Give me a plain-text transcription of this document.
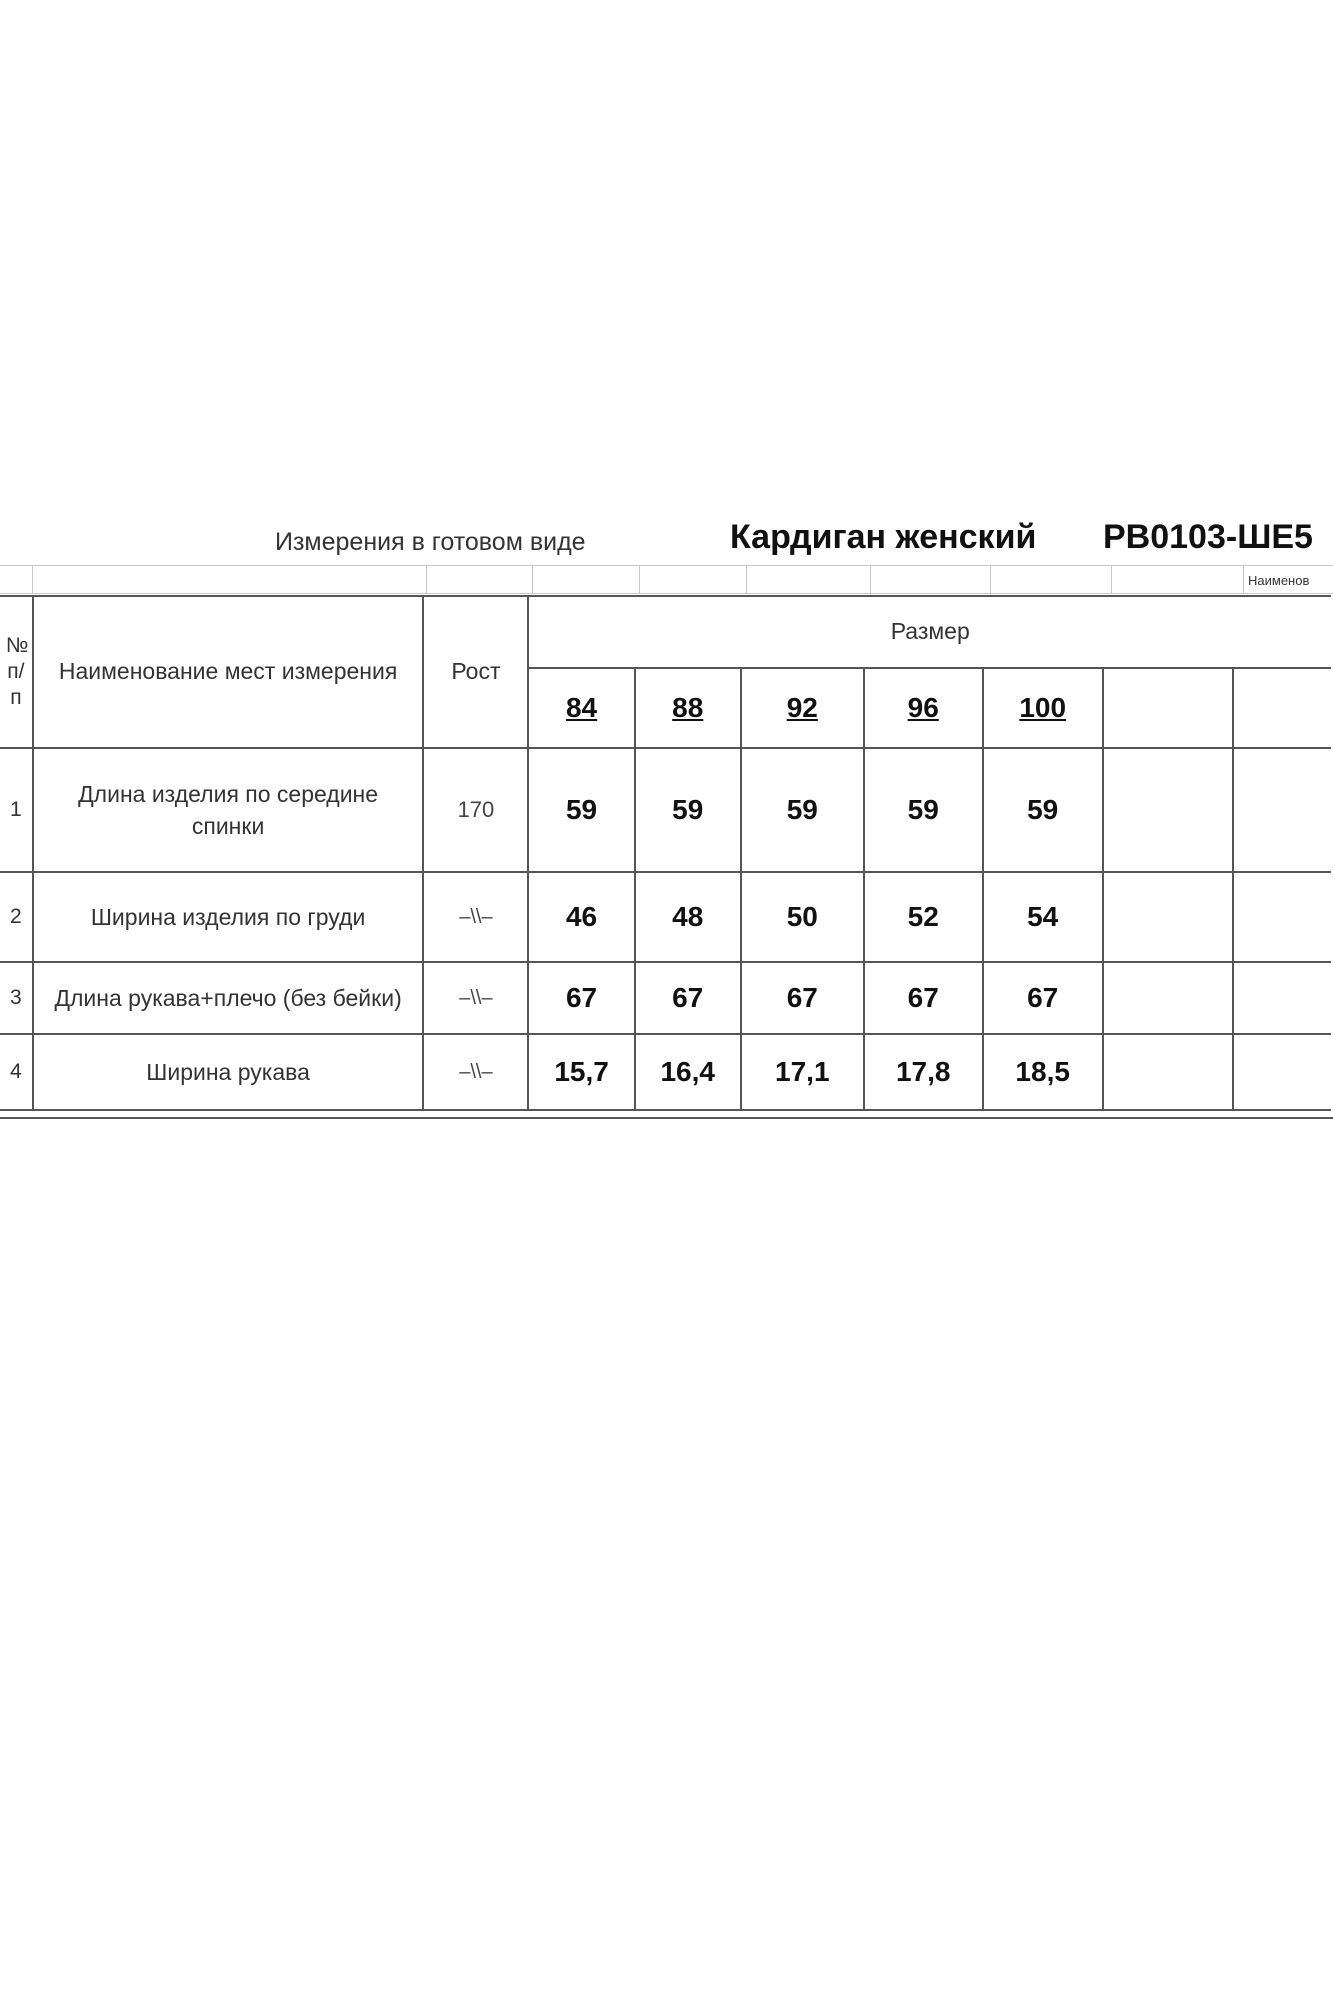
Измерения в готовом виде	Кардиган женский РВ0103-ШЕ5
Наименов
№ п/ п	Наименование мест измерения	Рост	Размер						
			84	88	92	96	100		
1	Длина изделия по середине спинки	170	59	59	59	59	59		
2	Ширина изделия по груди	–\\–	46	48	50	52	54		
3	Длина рукава+плечо (без бейки)	–\\–	67	67	67	67	67		
4	Ширина рукава	–\\–	15,7	16,4	17,1	17,8	18,5		
